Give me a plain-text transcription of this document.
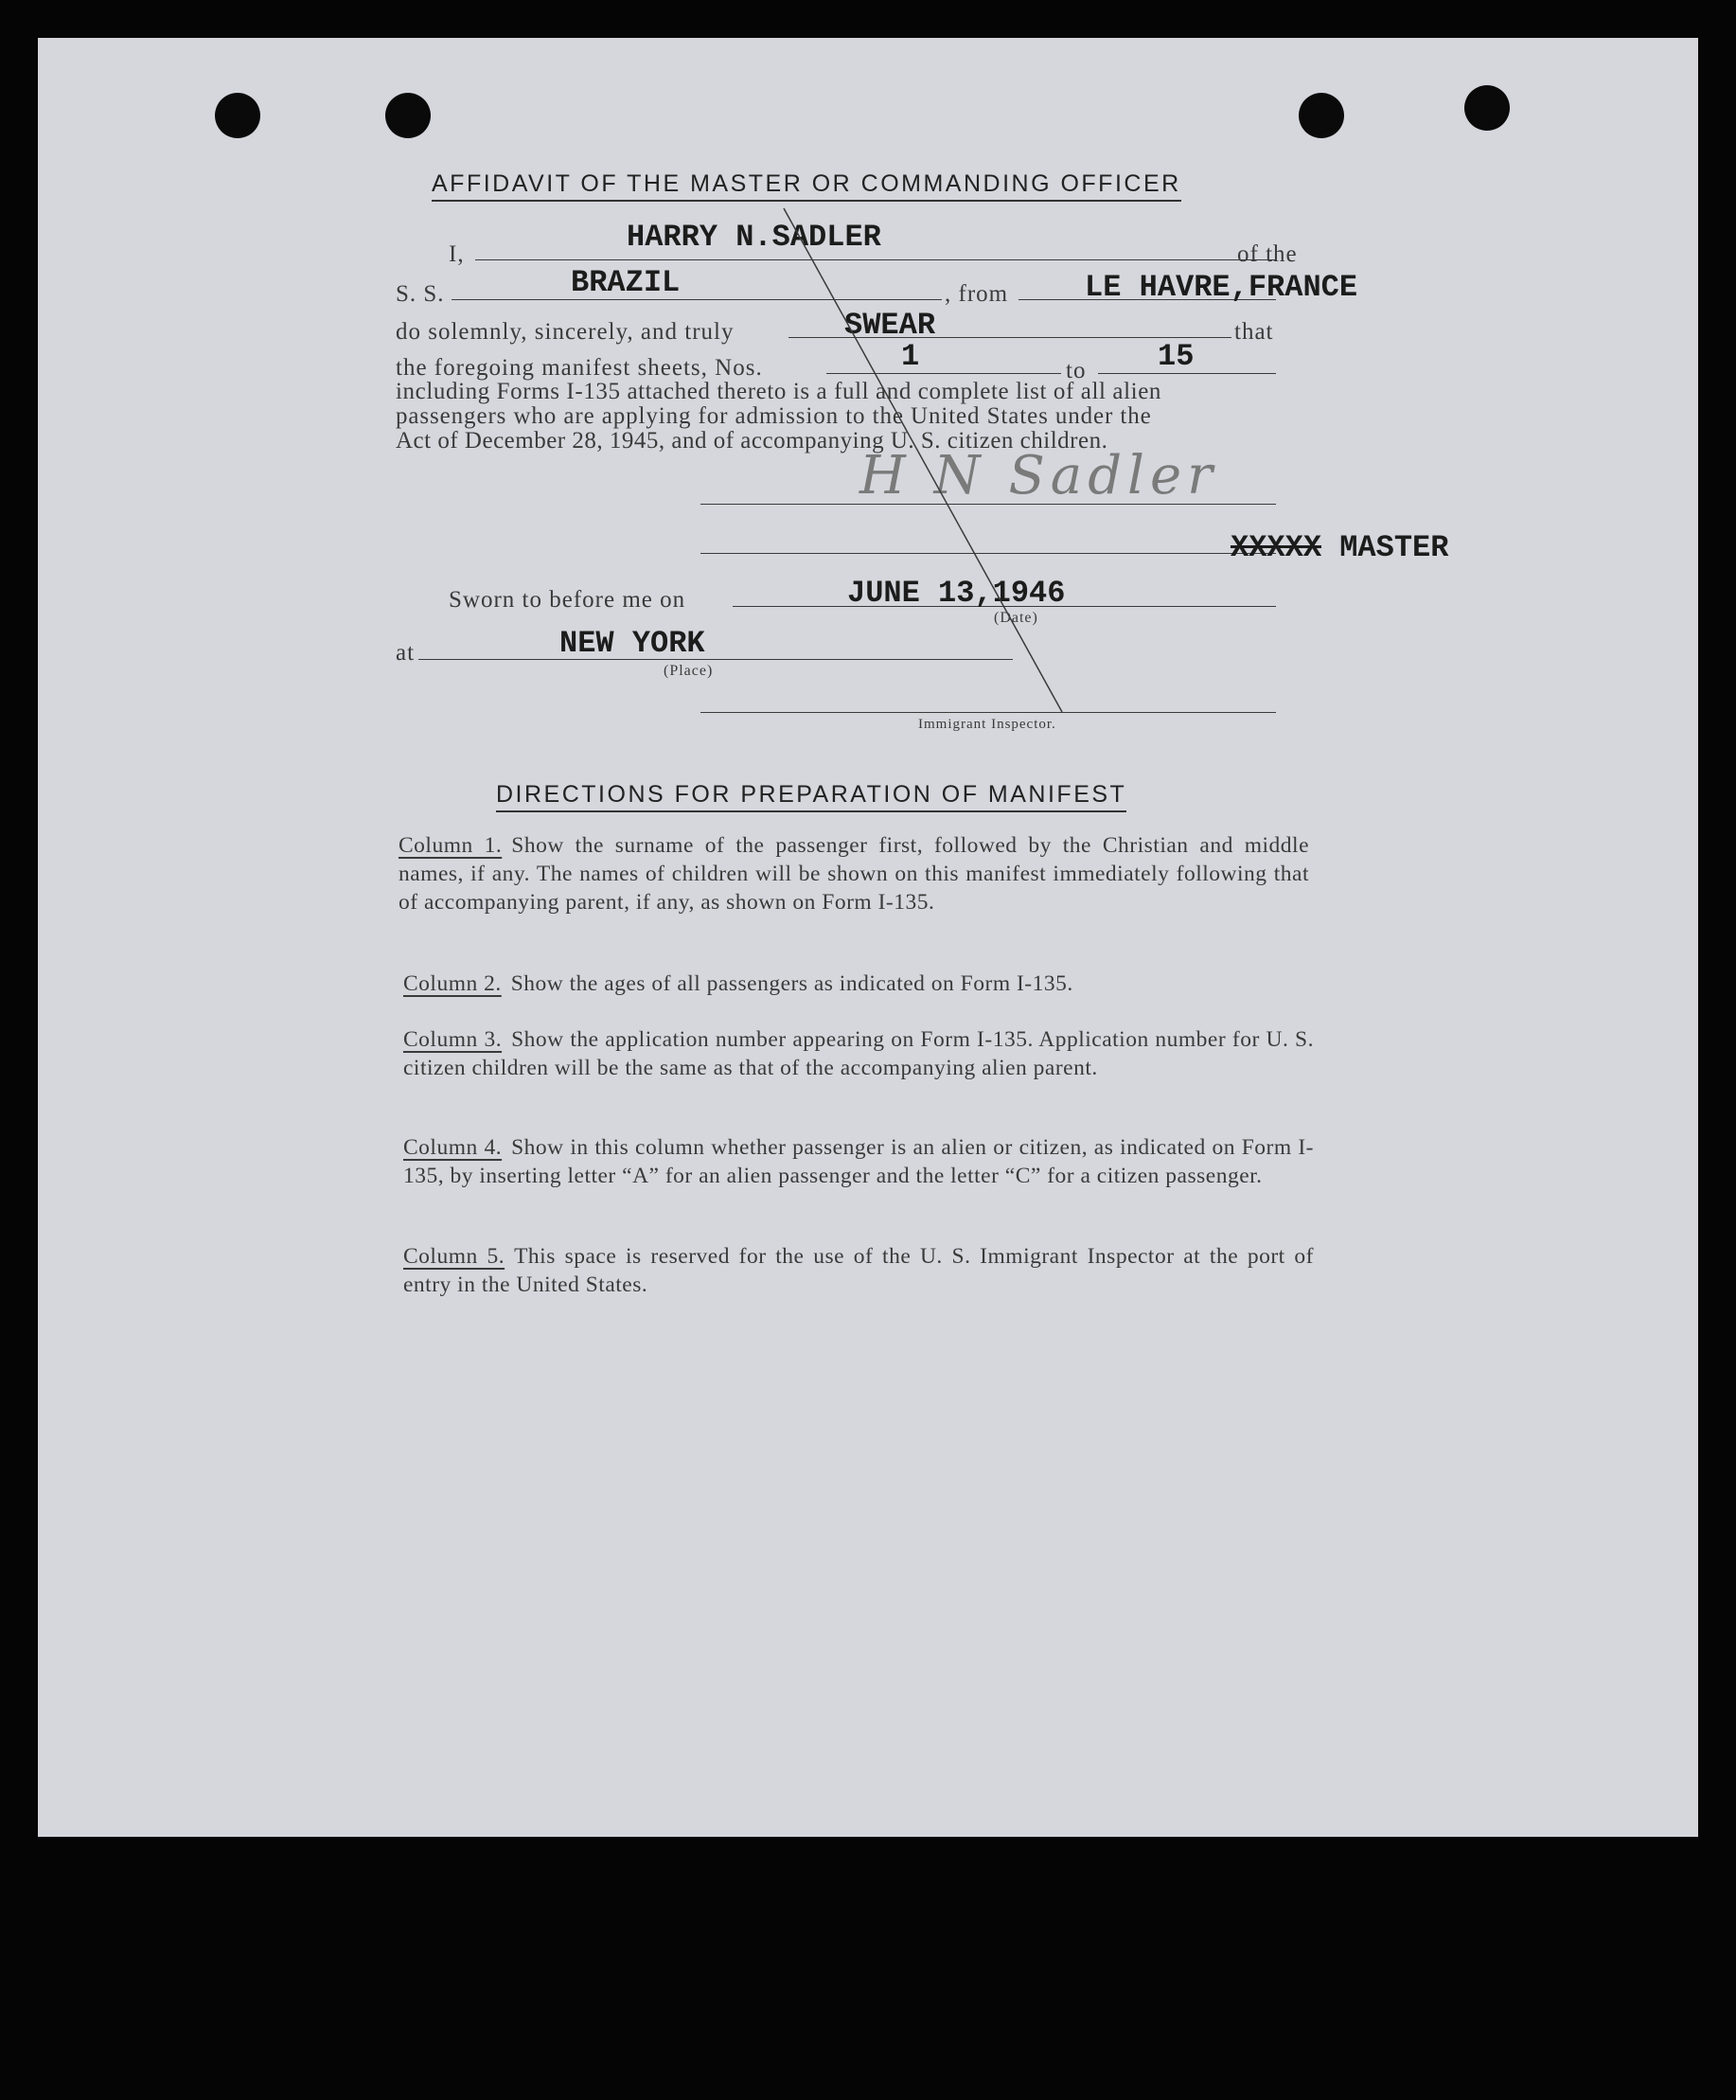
AFFIDAVIT OF THE MASTER OR COMMANDING OFFICER
I,	HARRY N.SADLER	of the
S. S.	BRAZIL	, from	LE HAVRE,FRANCE
do solemnly, sincerely, and truly	SWEAR	that
the foregoing manifest sheets, Nos.	1	to 15
including Forms I-135 attached thereto is a full and complete list of all alien
passengers who are applying for admission to the United States under the
Act of December 28, 1945, and of accompanying U. S. citizen children.
H N Sadler
XXXXX MASTER
Sworn to before me on	JUNE 13,1946
(Date)
at	NEW YORK
(Place)
Immigrant Inspector.
DIRECTIONS FOR PREPARATION OF MANIFEST
Column 1. Show the surname of the passenger first, followed by the Christian and middle names, if any. The names of children will be shown on this manifest immediately following that of accompanying parent, if any, as shown on Form I-135.
Column 2. Show the ages of all passengers as indicated on Form I-135.
Column 3. Show the application number appearing on Form I-135. Application number for U. S. citizen children will be the same as that of the accompanying alien parent.
Column 4. Show in this column whether passenger is an alien or citizen, as indicated on Form I-135, by inserting letter “A” for an alien passenger and the letter “C” for a citizen passenger.
Column 5. This space is reserved for the use of the U. S. Immigrant Inspector at the port of entry in the United States.
